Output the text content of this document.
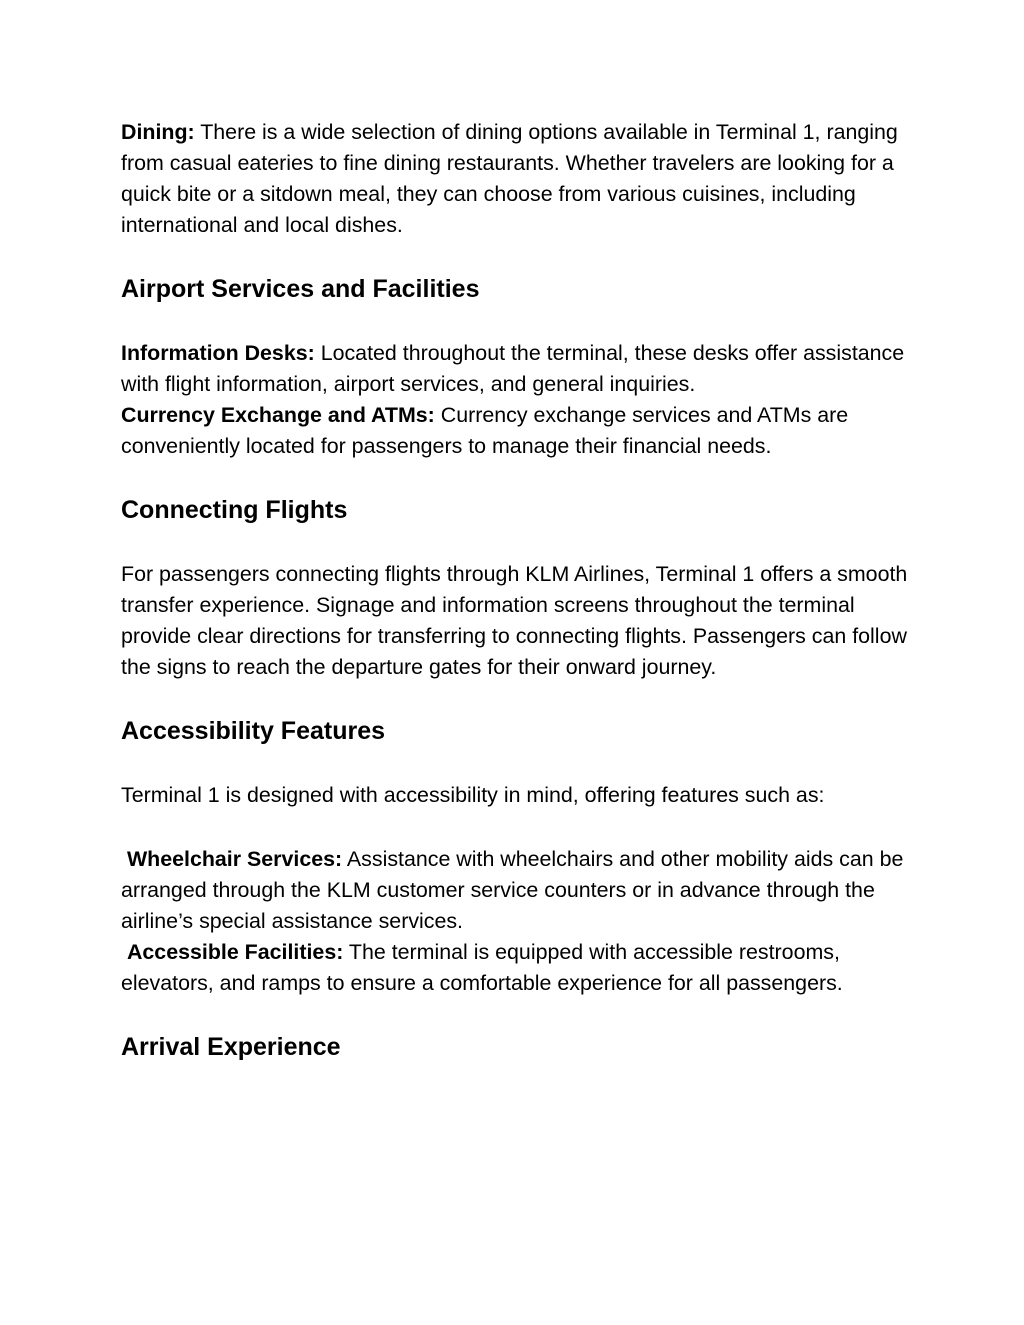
Dining: There is a wide selection of dining options available in Terminal 1, ranging from casual eateries to fine dining restaurants. Whether travelers are looking for a quick bite or a sitdown meal, they can choose from various cuisines, including international and local dishes.

Airport Services and Facilities

Information Desks: Located throughout the terminal, these desks offer assistance with flight information, airport services, and general inquiries.

Currency Exchange and ATMs: Currency exchange services and ATMs are conveniently located for passengers to manage their financial needs.

Connecting Flights

For passengers connecting flights through KLM Airlines, Terminal 1 offers a smooth transfer experience. Signage and information screens throughout the terminal provide clear directions for transferring to connecting flights. Passengers can follow the signs to reach the departure gates for their onward journey.

Accessibility Features

Terminal 1 is designed with accessibility in mind, offering features such as:

Wheelchair Services: Assistance with wheelchairs and other mobility aids can be arranged through the KLM customer service counters or in advance through the airline’s special assistance services.

Accessible Facilities: The terminal is equipped with accessible restrooms, elevators, and ramps to ensure a comfortable experience for all passengers.

Arrival Experience
